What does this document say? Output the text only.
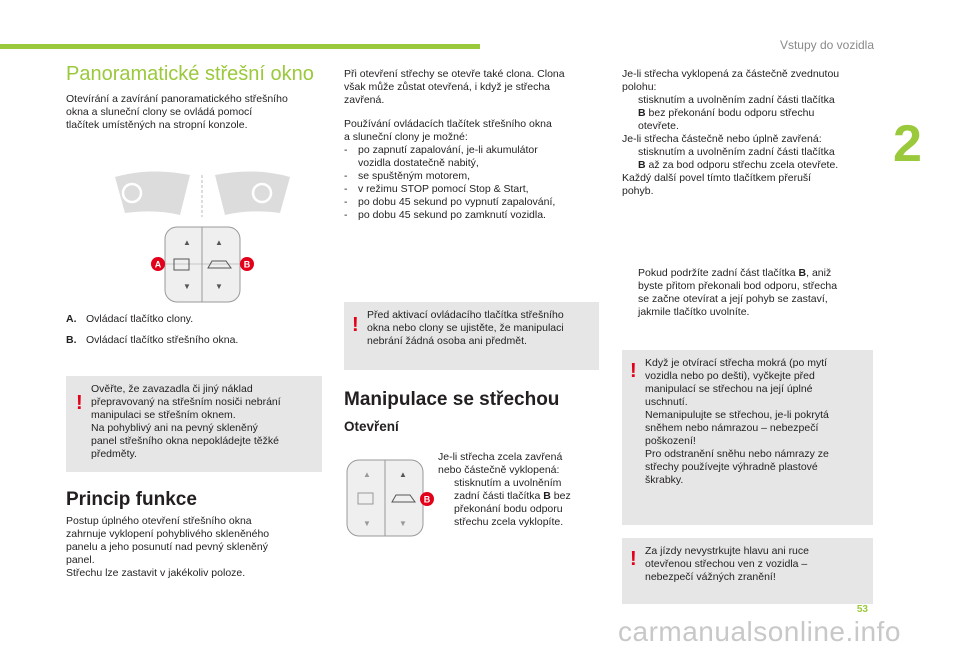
Vstupy do vozidla
2
53
carmanualsonline.info
Panoramatické střešní okno

Otevírání a zavírání panoramatického střešního

okna a sluneční clony se ovládá pomocí

tlačítek umístěných na stropní konzole.

▲	▲
▼	▼
A	B
A. Ovládací tlačítko clony.
B. Ovládací tlačítko střešního okna.
!

Ověřte, že zavazadla či jiný náklad

přepravovaný na střešním nosiči nebrání

manipulaci se střešním oknem.

Na pohyblivý ani na pevný skleněný

panel střešního okna nepokládejte těžké

předměty.

Princip funkce

Postup úplného otevření střešního okna

zahrnuje vyklopení pohyblivého skleněného

panelu a jeho posunutí nad pevný skleněný

panel.

Střechu lze zastavit v jakékoliv poloze.

Při otevření střechy se otevře také clona. Clona

však může zůstat otevřená, i když je střecha

zavřená.

Používání ovládacích tlačítek střešního okna

a sluneční clony je možné:

- po zapnutí zapalování, je-li akumulátor
vozidla dostatečně nabitý,
- se spuštěným motorem,
- v režimu STOP pomocí Stop & Start,
- po dobu 45 sekund po vypnutí zapalování,
- po dobu 45 sekund po zamknutí vozidla.
! Před aktivací ovládacího tlačítka střešního

okna nebo clony se ujistěte, že manipulaci

nebrání žádná osoba ani předmět.

Manipulace se střechou
Otevření
▲	▲
▼	▼
B

Je-li střecha zcela zavřená

nebo částečně vyklopená:

stisknutím a uvolněním
zadní části tlačítka B bez
překonání bodu odporu
střechu zcela vyklopíte.

Je-li střecha vyklopená za částečně zvednutou

polohu:

stisknutím a uvolněním zadní části tlačítka
B bez překonání bodu odporu střechu
otevřete.

Je-li střecha částečně nebo úplně zavřená:

stisknutím a uvolněním zadní části tlačítka
B až za bod odporu střechu zcela otevřete.

Každý další povel tímto tlačítkem přeruší

pohyb.

Pokud podržíte zadní část tlačítka B, aniž
byste přitom překonali bod odporu, střecha
se začne otevírat a její pohyb se zastaví,
jakmile tlačítko uvolníte.
! Když je otvírací střecha mokrá (po mytí

vozidla nebo po dešti), vyčkejte před

manipulací se střechou na její úplné

uschnutí.

Nemanipulujte se střechou, je-li pokrytá

sněhem nebo námrazou – nebezpečí

poškození!

Pro odstranění sněhu nebo námrazy ze

střechy používejte výhradně plastové

škrabky.

! Za jízdy nevystrkujte hlavu ani ruce

otevřenou střechou ven z vozidla –

nebezpečí vážných zranění!
